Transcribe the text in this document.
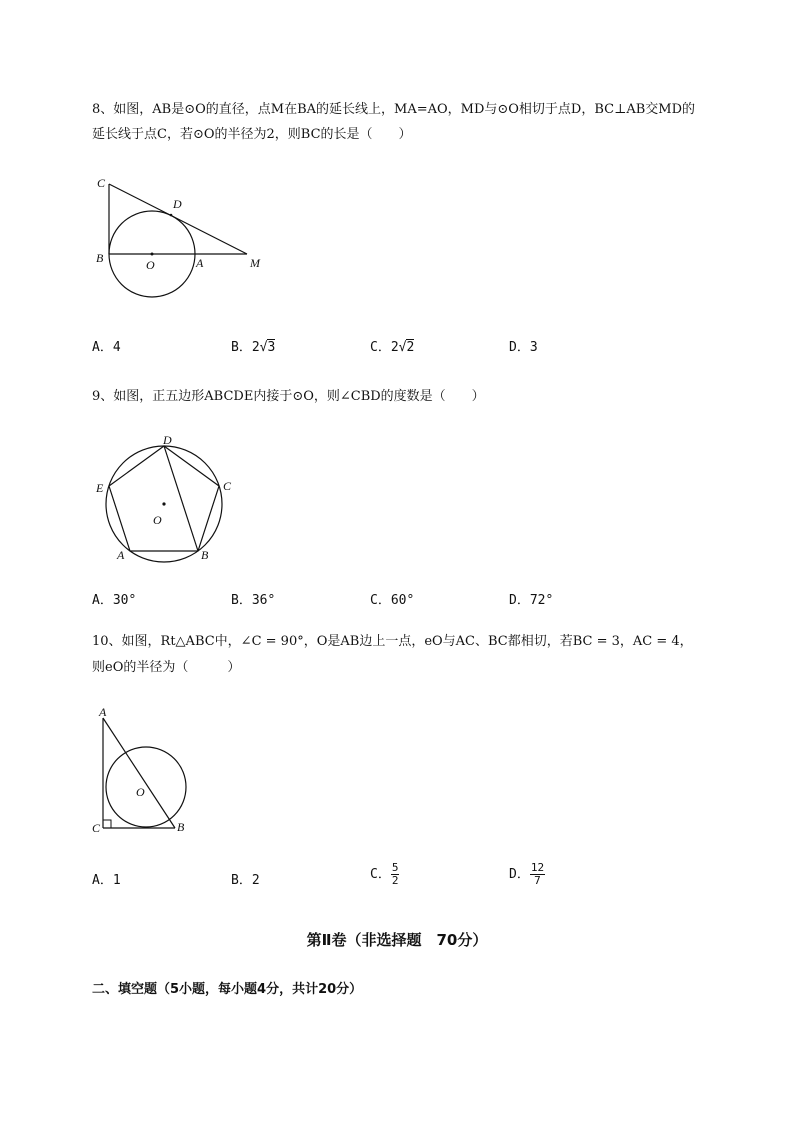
8、如图，AB是⊙O的直径，点M在BA的延长线上，MA=AO，MD与⊙O相切于点D，BC⊥AB交MD的
延长线于点C，若⊙O的半径为2，则BC的长是（　　）
C
D
B	O	A	M
A．4	B．2√3	C．2√2	D．3
9、如图，正五边形ABCDE内接于⊙O，则∠CBD的度数是（　　）
D
E	C
O
A	B
A．30°	B．36°	C．60°	D．72°
10、如图，Rt△ABC中，∠C = 90°，O是AB边上一点，eO与AC、BC都相切，若BC = 3，AC = 4，
则eO的半径为（　　　）
A
O
C	B
A．1	B．2	C． $\frac{5}{2}$	D． $\frac{12}{7}$
第Ⅱ卷（非选择题　70分）
二、填空题（5小题，每小题4分，共计20分）
